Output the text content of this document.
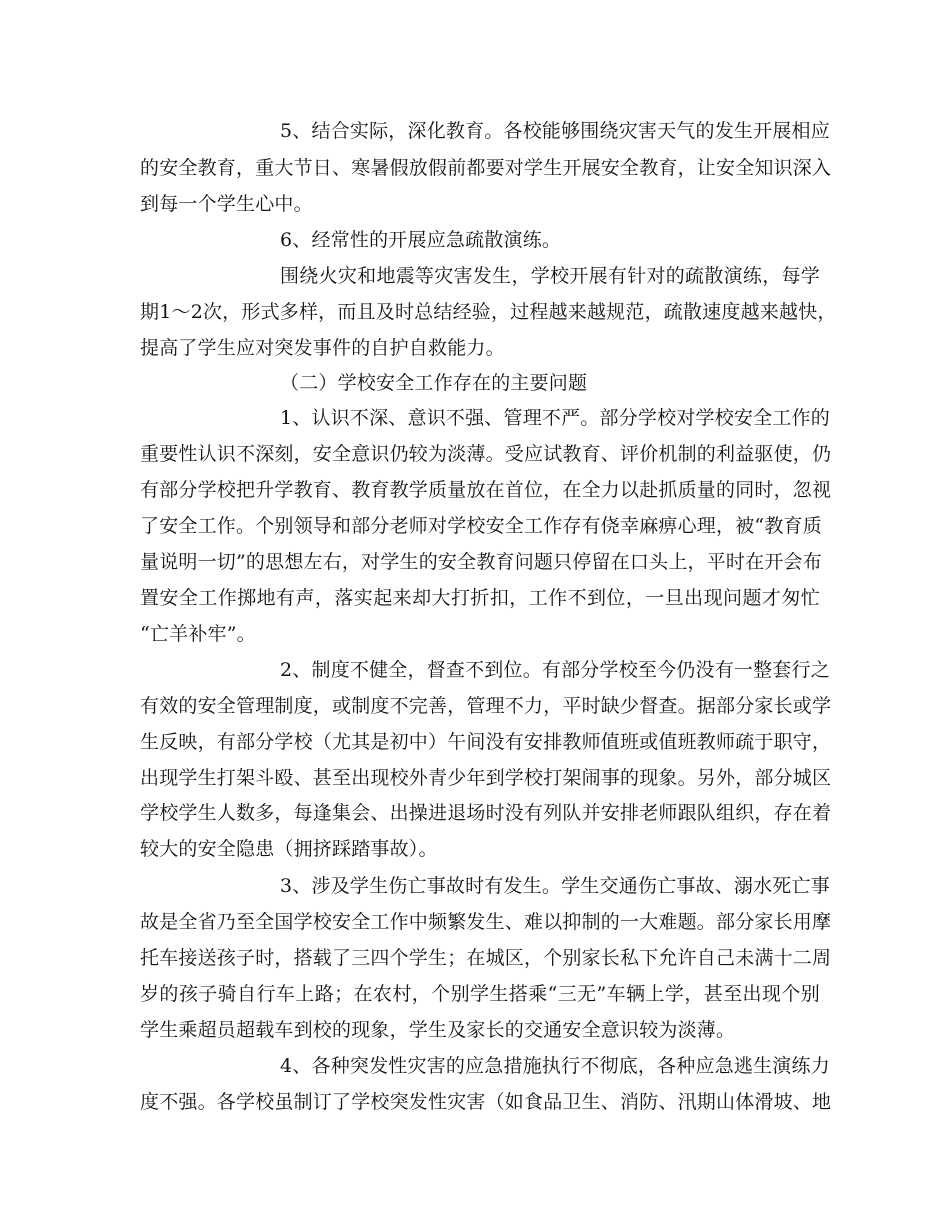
5、结合实际，深化教育。各校能够围绕灾害天气的发生开展相应

的安全教育，重大节日、寒暑假放假前都要对学生开展安全教育，让安全知识深入

到每一个学生心中。

6、经常性的开展应急疏散演练。

围绕火灾和地震等灾害发生，学校开展有针对的疏散演练，每学

期1～2次，形式多样，而且及时总结经验，过程越来越规范，疏散速度越来越快，

提高了学生应对突发事件的自护自救能力。

（二）学校安全工作存在的主要问题

1、认识不深、意识不强、管理不严。部分学校对学校安全工作的

重要性认识不深刻，安全意识仍较为淡薄。受应试教育、评价机制的利益驱使，仍

有部分学校把升学教育、教育教学质量放在首位，在全力以赴抓质量的同时，忽视

了安全工作。个别领导和部分老师对学校安全工作存有侥幸麻痹心理，被“教育质

量说明一切”的思想左右，对学生的安全教育问题只停留在口头上，平时在开会布

置安全工作掷地有声，落实起来却大打折扣，工作不到位，一旦出现问题才匆忙

“亡羊补牢”。

2、制度不健全，督查不到位。有部分学校至今仍没有一整套行之

有效的安全管理制度，或制度不完善，管理不力，平时缺少督查。据部分家长或学

生反映，有部分学校（尤其是初中）午间没有安排教师值班或值班教师疏于职守，

出现学生打架斗殴、甚至出现校外青少年到学校打架闹事的现象。另外，部分城区

学校学生人数多，每逢集会、出操进退场时没有列队并安排老师跟队组织，存在着

较大的安全隐患（拥挤踩踏事故）。

3、涉及学生伤亡事故时有发生。学生交通伤亡事故、溺水死亡事

故是全省乃至全国学校安全工作中频繁发生、难以抑制的一大难题。部分家长用摩

托车接送孩子时，搭载了三四个学生；在城区，个别家长私下允许自己未满十二周

岁的孩子骑自行车上路；在农村，个别学生搭乘“三无”车辆上学，甚至出现个别

学生乘超员超载车到校的现象，学生及家长的交通安全意识较为淡薄。

4、各种突发性灾害的应急措施执行不彻底，各种应急逃生演练力

度不强。各学校虽制订了学校突发性灾害（如食品卫生、消防、汛期山体滑坡、地
